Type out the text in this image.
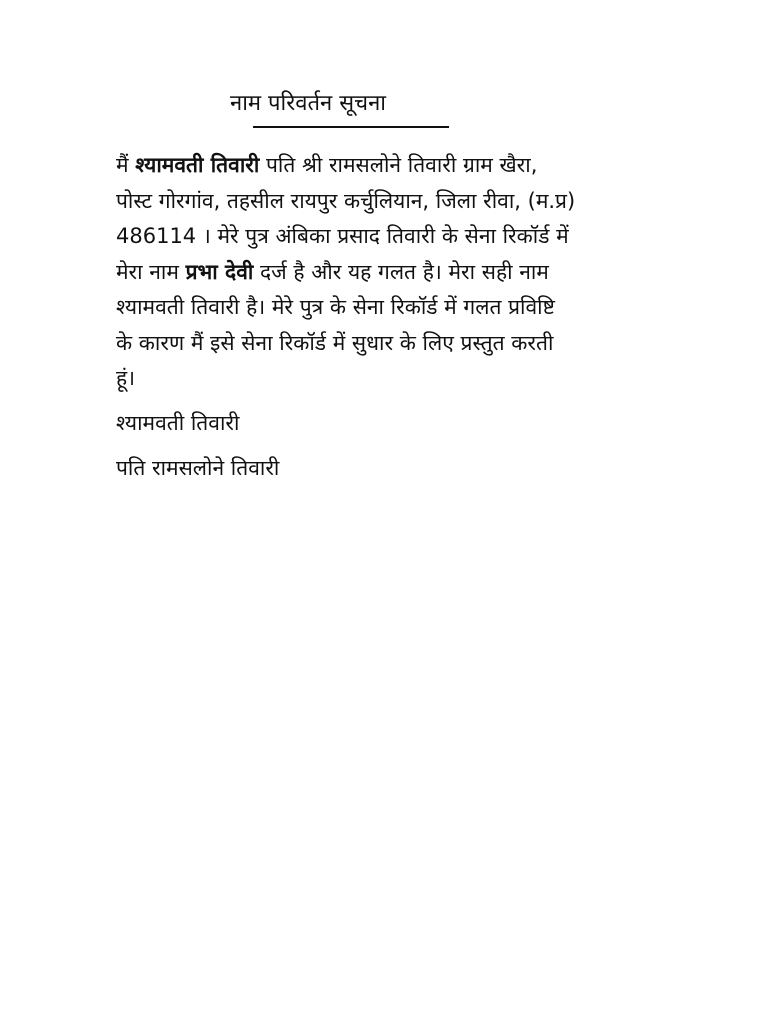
नाम परिवर्तन सूचना
मैं श्यामवती तिवारी पति श्री रामसलोने तिवारी ग्राम खैरा,
पोस्ट गोरगांव, तहसील रायपुर कर्चुलियान, जिला रीवा, (म.प्र)
486114 । मेरे पुत्र अंबिका प्रसाद तिवारी के सेना रिकॉर्ड में
मेरा नाम प्रभा देवी दर्ज है और यह गलत है। मेरा सही नाम
श्यामवती तिवारी है। मेरे पुत्र के सेना रिकॉर्ड में गलत प्रविष्टि
के कारण मैं इसे सेना रिकॉर्ड में सुधार के लिए प्रस्तुत करती
हूं।
श्यामवती तिवारी
पति रामसलोने तिवारी
